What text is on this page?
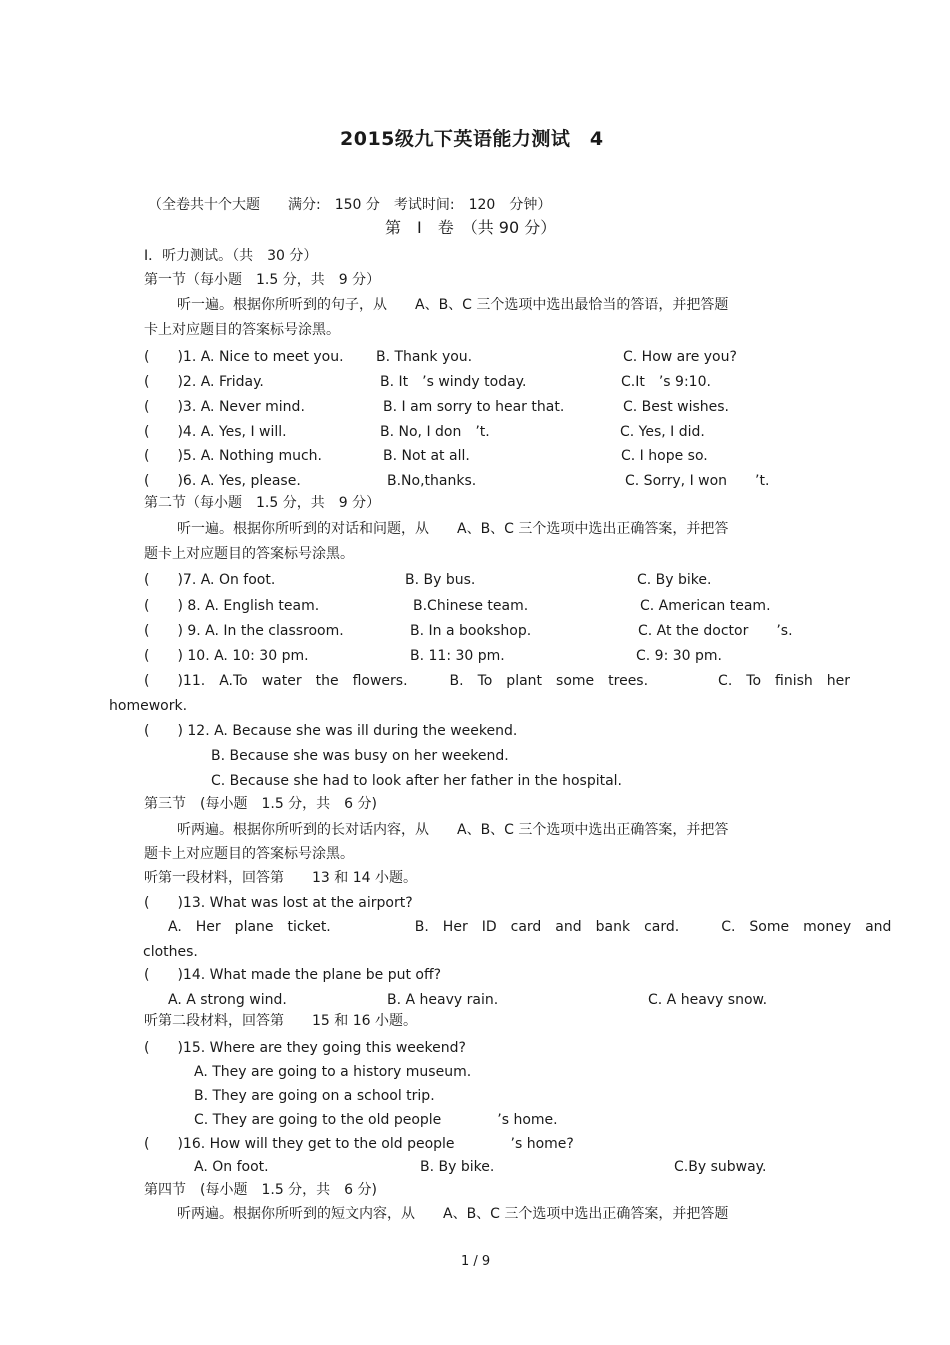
2015级九下英语能力测试　4
（全卷共十个大题　　满分:　150 分　考试时间:　120　分钟）
第　I　卷　（共 90 分）
I．听力测试。（共　30 分）
第一节（每小题　1.5 分，共　9 分）
听一遍。根据你所听到的句子，从　　A、B、C 三个选项中选出最恰当的答语，并把答题
卡上对应题目的答案标号涂黑。
(　　)1. A. Nice to meet you. B. Thank you.	C. How are you?
(　　)2. A. Friday.	B. It　’s windy today.	C.It　’s 9:10.
(　　)3. A. Never mind.	B. I am sorry to hear that.	C. Best wishes.
(　　)4. A. Yes, I will.	B. No, I don　’t.	C. Yes, I did.
(　　)5. A. Nothing much.	B. Not at all.	C. I hope so.
(　　)6. A. Yes, please.	B.No,thanks.	C. Sorry, I won　　’t.
第二节（每小题　1.5 分，共　9 分）
听一遍。根据你所听到的对话和问题，从　　A、B、C 三个选项中选出正确答案，并把答
题卡上对应题目的答案标号涂黑。
(　　)7. A. On foot.	B. By bus.	C. By bike.
(　　) 8. A. English team.	B.Chinese team.	C. American team.
(　　) 9. A. In the classroom.	B. In a bookshop.	C. At the doctor　　’s.
(　　) 10. A. 10: 30 pm.	B. 11: 30 pm.	C. 9: 30 pm.
(　　)11.　A.To　water　the　flowers.　　　B.　To　plant　some　trees.　　　　　C.　To　finish　her
homework.
(　　) 12. A. Because she was ill during the weekend.
B. Because she was busy on her weekend.
C. Because she had to look after her father in the hospital.
第三节　(每小题　1.5 分，共　6 分)
听两遍。根据你所听到的长对话内容，从　　A、B、C 三个选项中选出正确答案，并把答
题卡上对应题目的答案标号涂黑。
听第一段材料，回答第　　13 和 14 小题。
(　　)13. What was lost at the airport?
A.　Her　plane　ticket.　　　　　　B.　Her　ID　card　and　bank　card.　　　C.　Some　money　and
clothes.
(　　)14. What made the plane be put off?
A. A strong wind.	B. A heavy rain.	C. A heavy snow.
听第二段材料，回答第　　15 和 16 小题。
(　　)15. Where are they going this weekend?
A. They are going to a history museum.
B. They are going on a school trip.
C. They are going to the old people　　　　’s home.
(　　)16. How will they get to the old people　　　　’s home?
A. On foot.	B. By bike.	C.By subway.
第四节　(每小题　1.5 分，共　6 分)
听两遍。根据你所听到的短文内容，从　　A、B、C 三个选项中选出正确答案，并把答题
1 / 9
